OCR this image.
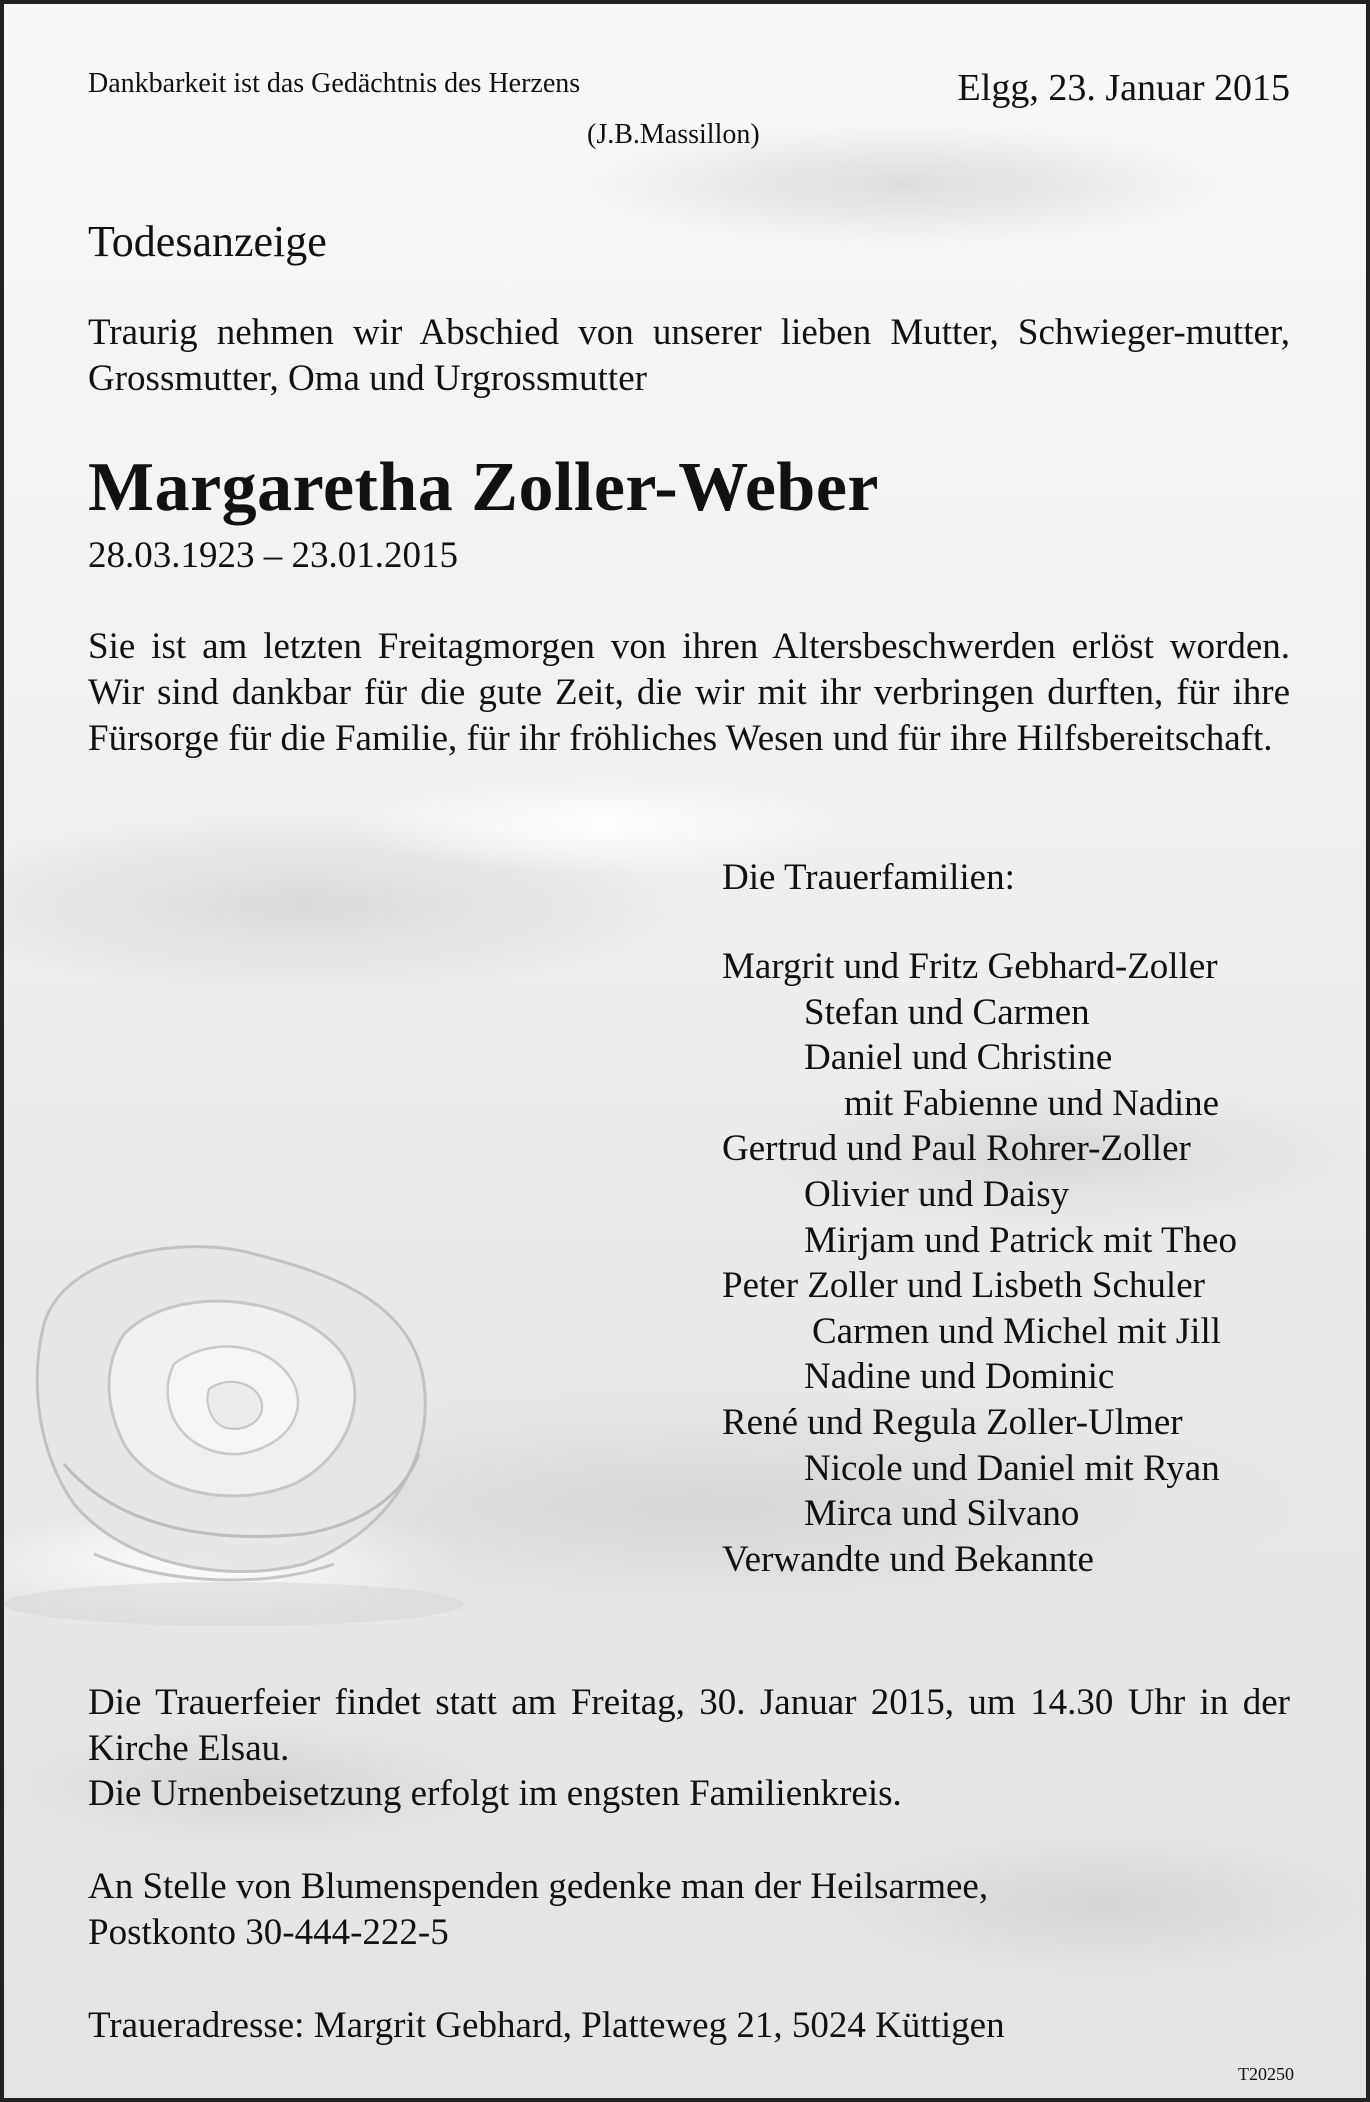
Dankbarkeit ist das Gedächtnis des Herzens
(J.B.Massillon)
Elgg, 23. Januar 2015
Todesanzeige
Traurig nehmen wir Abschied von unserer lieben Mutter, Schwieger-mutter, Grossmutter, Oma und Urgrossmutter
Margaretha Zoller-Weber
28.03.1923 – 23.01.2015
Sie ist am letzten Freitagmorgen von ihren Altersbeschwerden erlöst worden. Wir sind dankbar für die gute Zeit, die wir mit ihr verbringen durften, für ihre Fürsorge für die Familie, für ihr fröhliches Wesen und für ihre Hilfsbereitschaft.
Die Trauerfamilien:
Margrit und Fritz Gebhard-Zoller
Stefan und Carmen
Daniel und Christine
mit Fabienne und Nadine
Gertrud und Paul Rohrer-Zoller
Olivier und Daisy
Mirjam und Patrick mit Theo
Peter Zoller und Lisbeth Schuler
Carmen und Michel mit Jill
Nadine und Dominic
René und Regula Zoller-Ulmer
Nicole und Daniel mit Ryan
Mirca und Silvano
Verwandte und Bekannte
Die Trauerfeier findet statt am Freitag, 30. Januar 2015, um 14.30 Uhr in der Kirche Elsau.
Die Urnenbeisetzung erfolgt im engsten Familienkreis.
An Stelle von Blumenspenden gedenke man der Heilsarmee,
Postkonto 30-444-222-5
Traueradresse: Margrit Gebhard, Platteweg 21, 5024 Küttigen
T20250
